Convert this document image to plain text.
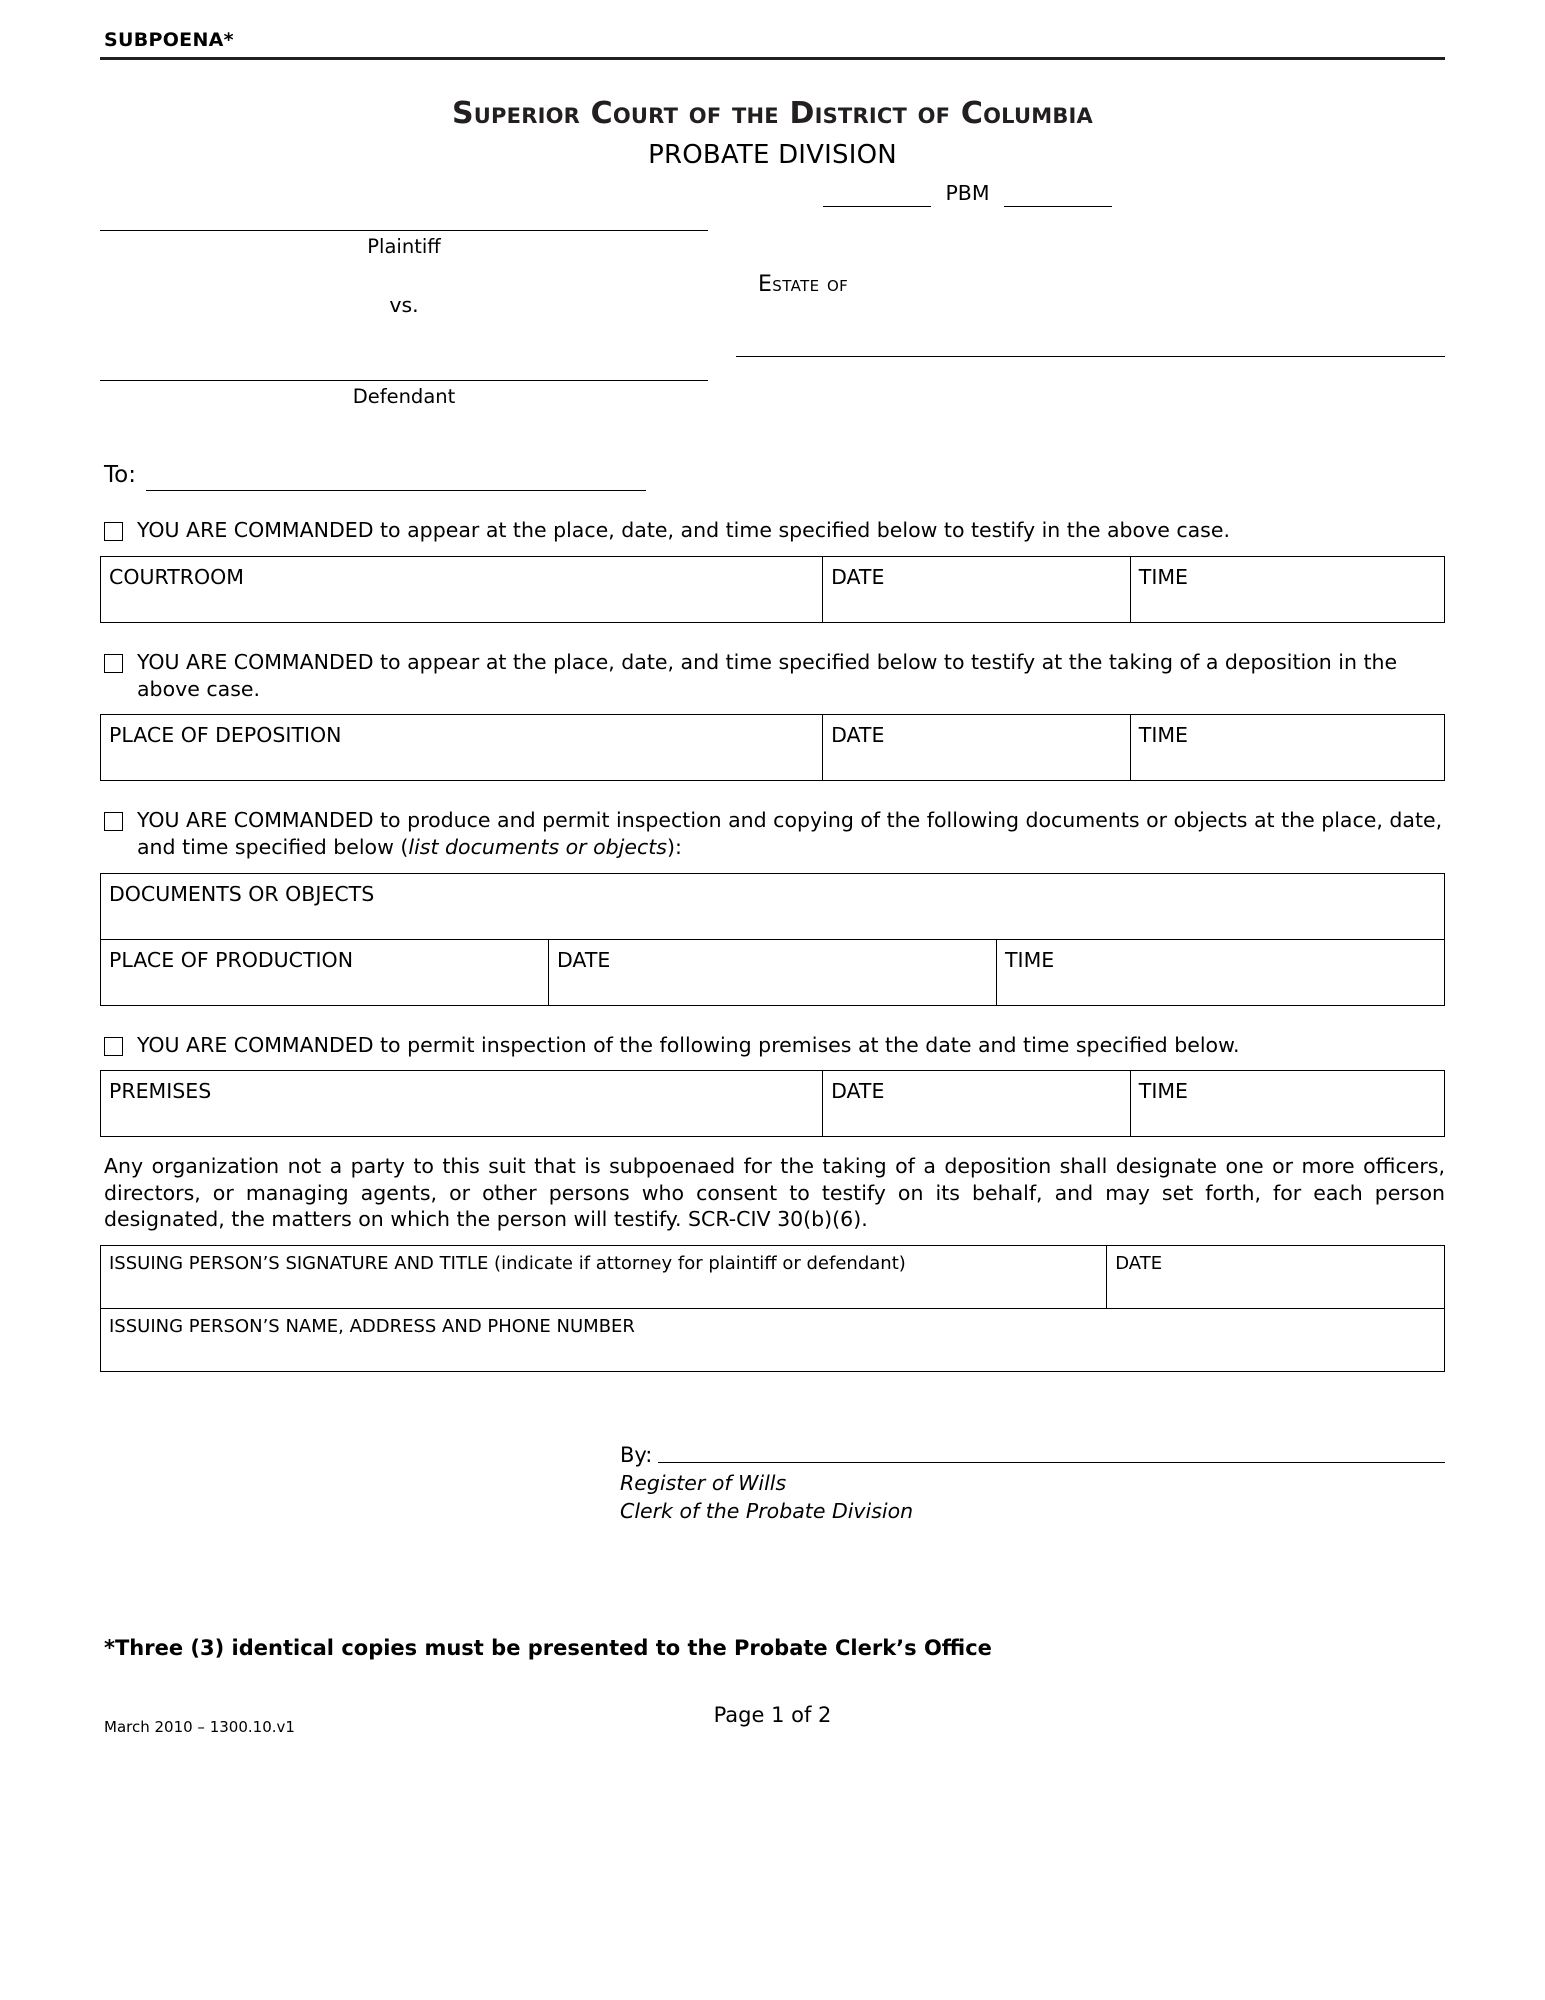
SUBPOENA*
Superior Court of the District of Columbia
PROBATE DIVISION
PBM
Plaintiff
vs.
Defendant
Estate of
To:
YOU ARE COMMANDED to appear at the place, date, and time specified below to testify in the above case.
COURTROOM	DATE	TIME
YOU ARE COMMANDED to appear at the place, date, and time specified below to testify at the taking of a deposition in the above case.
PLACE OF DEPOSITION	DATE	TIME
YOU ARE COMMANDED to produce and permit inspection and copying of the following documents or objects at the place, date, and time specified below (list documents or objects):
DOCUMENTS OR OBJECTS
PLACE OF PRODUCTION	DATE	TIME
YOU ARE COMMANDED to permit inspection of the following premises at the date and time specified below.
PREMISES	DATE	TIME
Any organization not a party to this suit that is subpoenaed for the taking of a deposition shall designate one or more officers, directors, or managing agents, or other persons who consent to testify on its behalf, and may set forth, for each person designated, the matters on which the person will testify. SCR-CIV 30(b)(6).
ISSUING PERSON’S SIGNATURE AND TITLE (indicate if attorney for plaintiff or defendant)	DATE
ISSUING PERSON’S NAME, ADDRESS AND PHONE NUMBER
By:
Register of Wills
Clerk of the Probate Division
*Three (3) identical copies must be presented to the Probate Clerk’s Office
Page 1 of 2
March 2010 – 1300.10.v1
